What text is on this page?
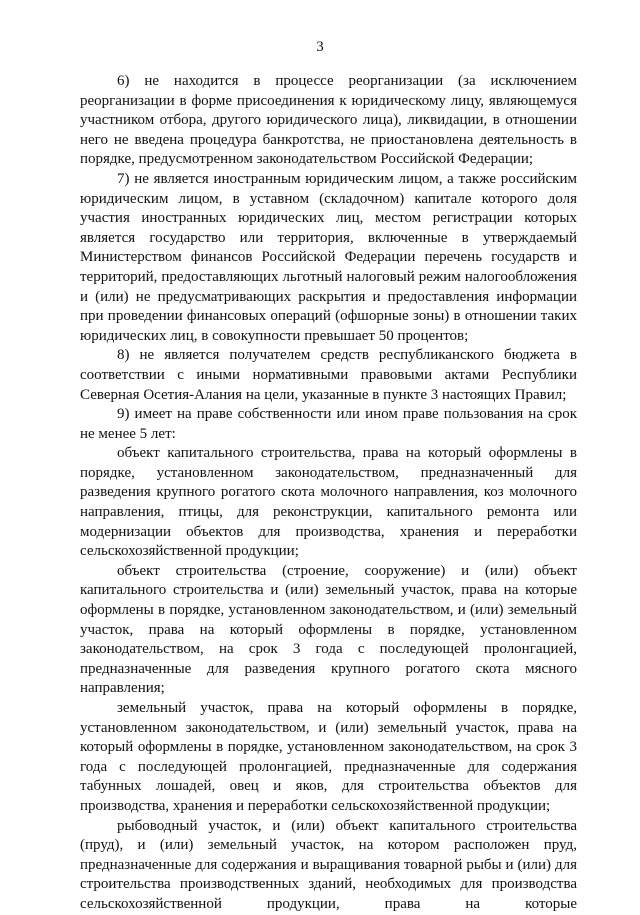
3

6) не находится в процессе реорганизации (за исключением реорганизации в форме присоединения к юридическому лицу, являющемуся участником отбора, другого юридического лица), ликвидации, в отношении него не введена процедура банкротства, не приостановлена деятельность в порядке, предусмотренном законодательством Российской Федерации;

7) не является иностранным юридическим лицом, а также российским юридическим лицом, в уставном (складочном) капитале которого доля участия иностранных юридических лиц, местом регистрации которых является государство или территория, включенные в утверждаемый Министерством финансов Российской Федерации перечень государств и территорий, предоставляющих льготный налоговый режим налогообложения и (или) не предусматривающих раскрытия и предоставления информации при проведении финансовых операций (офшорные зоны) в отношении таких юридических лиц, в совокупности превышает 50 процентов;

8) не является получателем средств республиканского бюджета в соответствии с иными нормативными правовыми актами Республики Северная Осетия-Алания на цели, указанные в пункте 3 настоящих Правил;

9) имеет на праве собственности или ином праве пользования на срок не менее 5 лет:

объект капитального строительства, права на который оформлены в порядке, установленном законодательством, предназначенный для разведения крупного рогатого скота молочного направления, коз молочного направления, птицы, для реконструкции, капитального ремонта или модернизации объектов для производства, хранения и переработки сельскохозяйственной продукции;

объект строительства (строение, сооружение) и (или) объект капитального строительства и (или) земельный участок, права на которые оформлены в порядке, установленном законодательством, и (или) земельный участок, права на который оформлены в порядке, установленном законодательством, на срок 3 года с последующей пролонгацией, предназначенные для разведения крупного рогатого скота мясного направления;

земельный участок, права на который оформлены в порядке, установленном законодательством, и (или) земельный участок, права на который оформлены в порядке, установленном законодательством, на срок 3 года с последующей пролонгацией, предназначенные для содержания табунных лошадей, овец и яков, для строительства объектов для производства, хранения и переработки сельскохозяйственной продукции;

рыбоводный участок, и (или) объект капитального строительства (пруд), и (или) земельный участок, на котором расположен пруд, предназначенные для содержания и выращивания товарной рыбы и (или) для строительства производственных зданий, необходимых для производства сельскохозяйственной продукции, права на которые
